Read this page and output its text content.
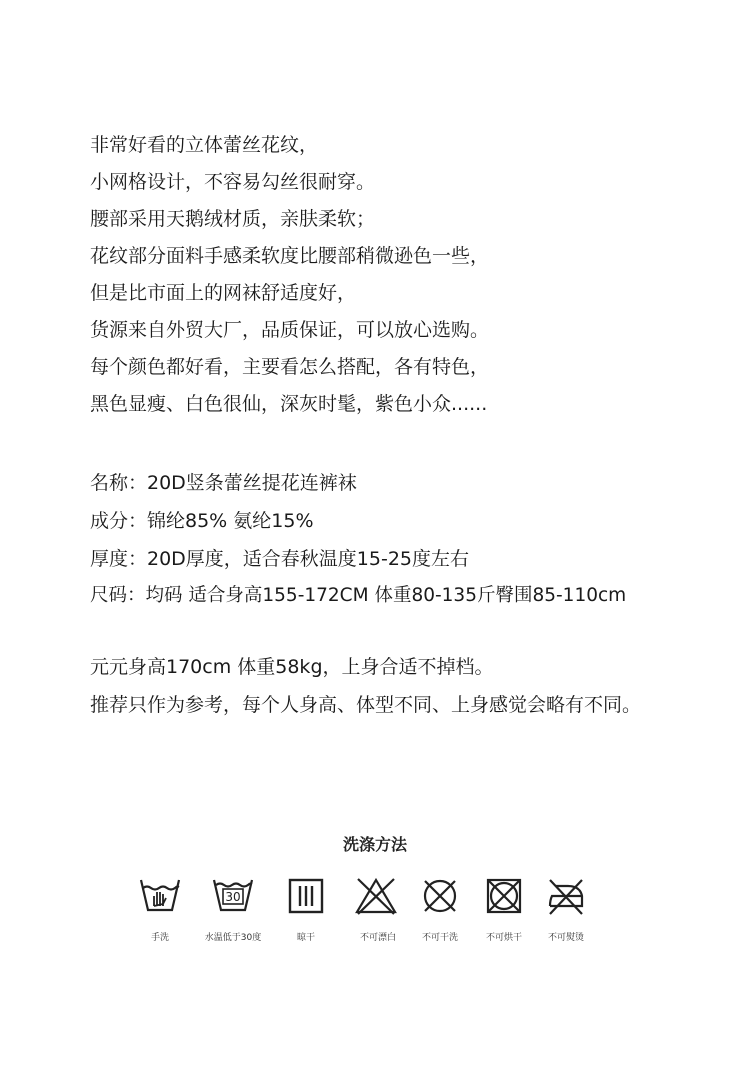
非常好看的立体蕾丝花纹，

小网格设计，不容易勾丝很耐穿。

腰部采用天鹅绒材质，亲肤柔软；

花纹部分面料手感柔软度比腰部稍微逊色一些，

但是比市面上的网袜舒适度好，

货源来自外贸大厂，品质保证，可以放心选购。

每个颜色都好看，主要看怎么搭配，各有特色，

黑色显瘦、白色很仙，深灰时髦，紫色小众......

名称：20D竖条蕾丝提花连裤袜

成分：锦纶85% 氨纶15%

厚度：20D厚度，适合春秋温度15-25度左右

尺码：均码 适合身高155-172CM 体重80-135斤臀围85-110cm

元元身高170cm 体重58kg，上身合适不掉档。

推荐只作为参考，每个人身高、体型不同、上身感觉会略有不同。

洗涤方法
手洗
30
水温低于30度	晾干	不可漂白	不可干洗	不可烘干	不可熨烫
